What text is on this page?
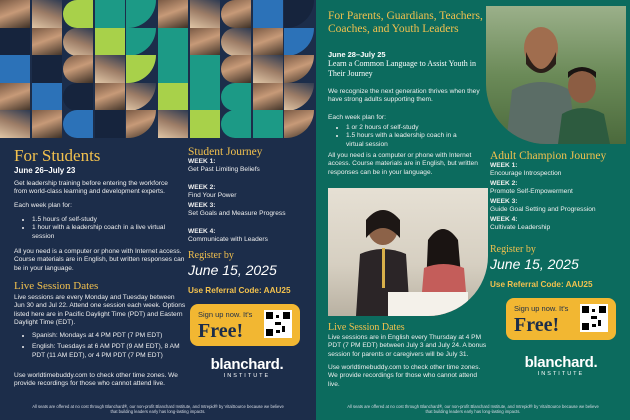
For Students
June 26–July 23
Get leadership training before entering the workforce from world-class learning and development experts.
Each week plan for:
• 1.5 hours of self-study
• 1 hour with a leadership coach in a live virtual session
All you need is a computer or phone with Internet access. Course materials are in English, but written responses can be in your language.
Live Session Dates
Live sessions are every Monday and Tuesday between Jun 30 and Jul 22. Attend one session each week. Options listed here are in Pacific Daylight Time (PDT) and Eastern Daylight Time (EDT).
• Spanish: Mondays at 4 PM PDT (7 PM EDT)
• English: Tuesdays at 6 AM PDT (9 AM EDT), 8 AM PDT (11 AM EDT), or 4 PM PDT (7 PM EDT)
Use worldtimebuddy.com to check other time zones. We provide recordings for those who cannot attend live.
Student Journey
WEEK 1:
Get Past Limiting Beliefs
WEEK 2:
Find Your Power
WEEK 3:
Set Goals and Measure Progress
WEEK 4:
Communicate with Leaders
Register by
June 15, 2025
Use Referral Code: AAU25
Sign up now. It's
Free!
blanchard.
INSTITUTE
All seats are offered at no cost through Blanchard®, our non-profit Blanchard Institute, and Intrepid® by VitalSource because we believe that building leaders early has long-lasting impacts.
For Parents, Guardians, Teachers, Coaches, and Youth Leaders
June 28–July 25
Learn a Common Language to Assist Youth in Their Journey
We recognize the next generation thrives when they have strong adults supporting them.
Each week plan for:
• 1 or 2 hours of self-study
• 1.5 hours with a leadership coach in a virtual session
All you need is a computer or phone with Internet access. Course materials are in English, but written responses can be in your language.
Live Session Dates
Live sessions are in English every Thursday at 4 PM PDT (7 PM EDT) between July 3 and July 24. A bonus session for parents or caregivers will be July 31.
Use worldtimebuddy.com to check other time zones. We provide recordings for those who cannot attend live.
Adult Champion Journey
WEEK 1:
Encourage Introspection
WEEK 2:
Promote Self-Empowerment
WEEK 3:
Guide Goal Setting and Progression
WEEK 4:
Cultivate Leadership
Register by
June 15, 2025
Use Referral Code: AAU25
Sign up now. It's
Free!
blanchard.
INSTITUTE
All seats are offered at no cost through Blanchard®, our non-profit Blanchard Institute, and Intrepid® by VitalSource because we believe that building leaders early has long-lasting impacts.
